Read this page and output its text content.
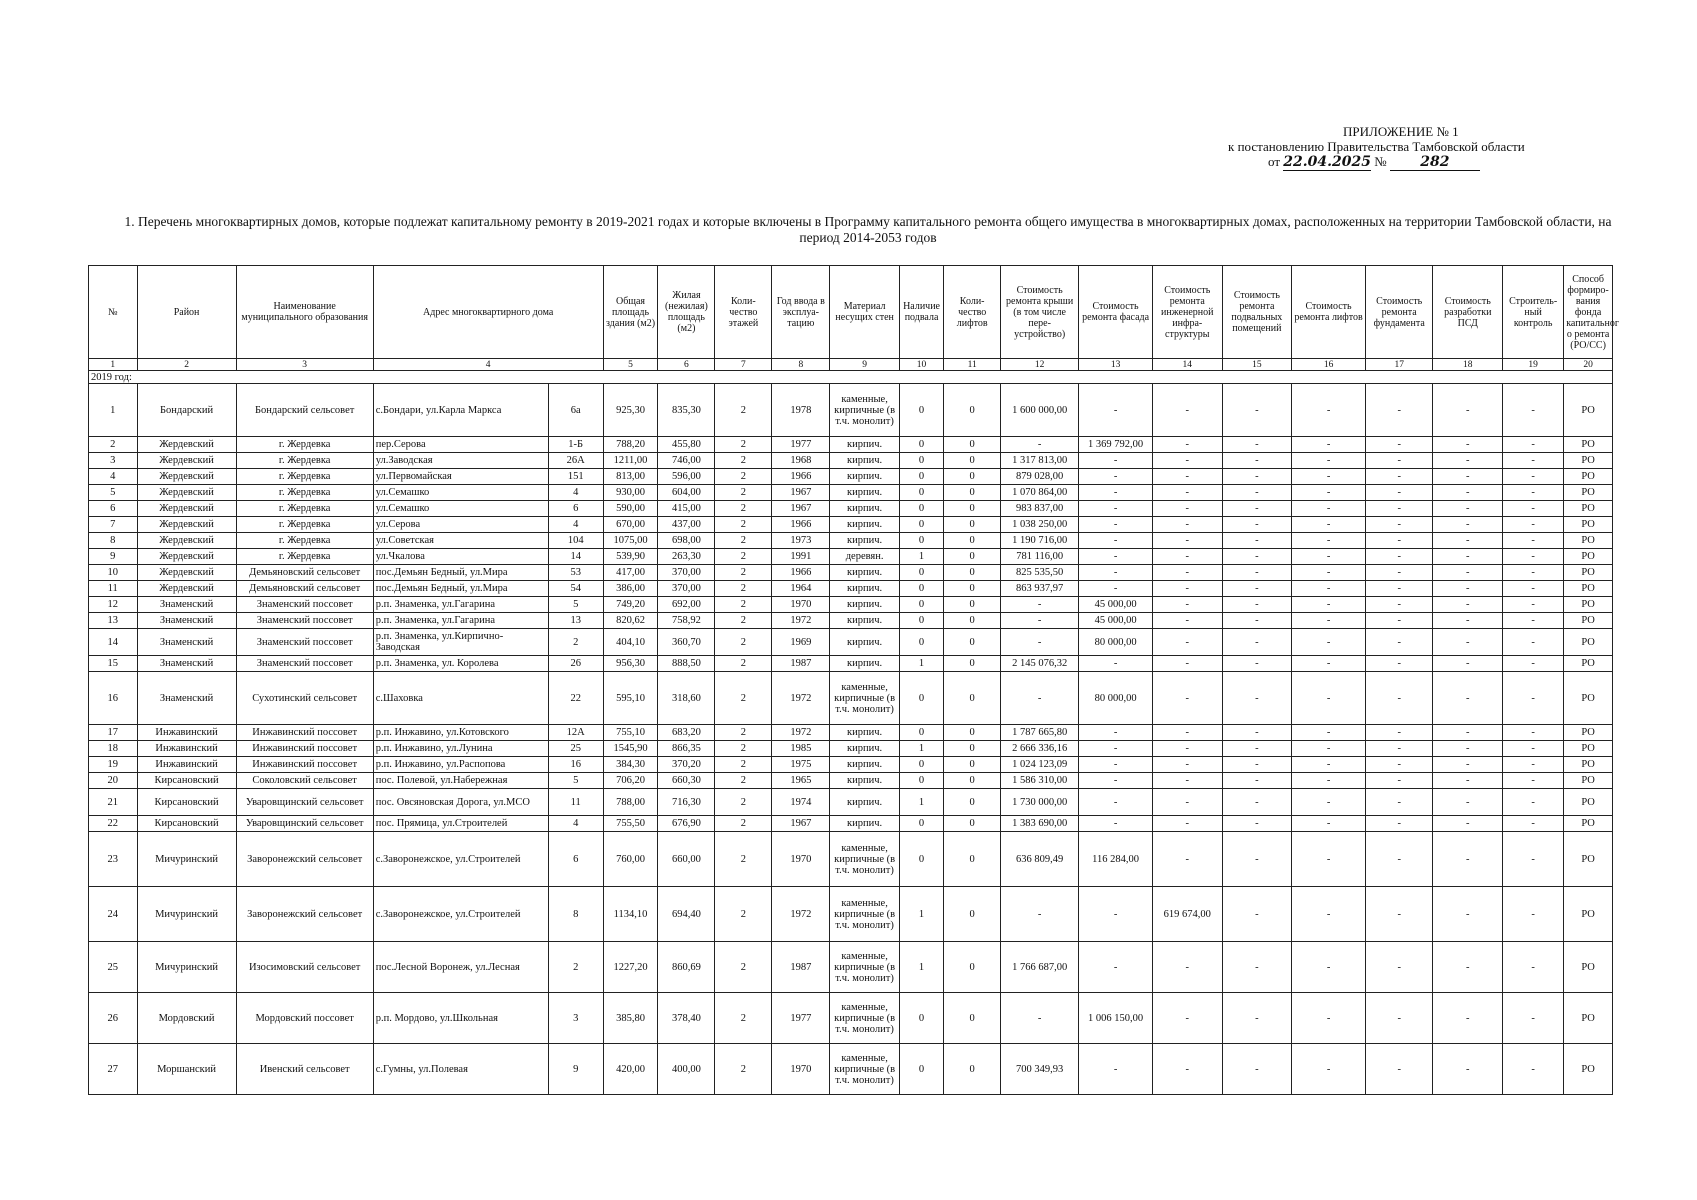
ПРИЛОЖЕНИЕ № 1
к постановлению Правительства Тамбовской области
от 22.04.2025 № 282
1. Перечень многоквартирных домов, которые подлежат капитальному ремонту в 2019-2021 годах и которые включены в Программу капитального ремонта общего имущества в многоквартирных домах, расположенных на территории Тамбовской области, на период 2014-2053 годов
№	Район	Наименование муниципального образования	Адрес многоквартирного дома		Общая площадь здания (м2)	Жилая (нежилая) площадь (м2)	Коли-чество этажей	Год ввода в эксплуа-тацию	Материал несущих стен	Наличие подвала	Коли-чество лифтов	Стоимость ремонта крыши (в том числе пере-устройство)	Стоимость ремонта фасада	Стоимость ремонта инженерной инфра-структуры	Стоимость ремонта подвальных помещений	Стоимость ремонта лифтов	Стоимость ремонта фундамента	Стоимость разработки ПСД	Строитель-ный контроль	Способ формиро-вания фонда капитальног о ремонта (РО/СС)
1	2	3	4		5	6	7	8	9	10	11	12	13	14	15	16	17	18	19	20
2019 год:																				
1	Бондарский	Бондарский сельсовет	с.Бондари, ул.Карла Маркса	6а	925,30	835,30	2	1978	каменные, кирпичные (в т.ч. монолит)	0	0	1 600 000,00	-	-	-	-	-	-	-	РО
2	Жердевский	г. Жердевка	пер.Серова	1-Б	788,20	455,80	2	1977	кирпич.	0	0	-	1 369 792,00	-	-	-	-	-	-	РО
3	Жердевский	г. Жердевка	ул.Заводская	26А	1211,00	746,00	2	1968	кирпич.	0	0	1 317 813,00	-	-	-	-	-	-	-	РО
4	Жердевский	г. Жердевка	ул.Первомайская	151	813,00	596,00	2	1966	кирпич.	0	0	879 028,00	-	-	-	-	-	-	-	РО
5	Жердевский	г. Жердевка	ул.Семашко	4	930,00	604,00	2	1967	кирпич.	0	0	1 070 864,00	-	-	-	-	-	-	-	РО
6	Жердевский	г. Жердевка	ул.Семашко	6	590,00	415,00	2	1967	кирпич.	0	0	983 837,00	-	-	-	-	-	-	-	РО
7	Жердевский	г. Жердевка	ул.Серова	4	670,00	437,00	2	1966	кирпич.	0	0	1 038 250,00	-	-	-	-	-	-	-	РО
8	Жердевский	г. Жердевка	ул.Советская	104	1075,00	698,00	2	1973	кирпич.	0	0	1 190 716,00	-	-	-	-	-	-	-	РО
9	Жердевский	г. Жердевка	ул.Чкалова	14	539,90	263,30	2	1991	деревян.	1	0	781 116,00	-	-	-	-	-	-	-	РО
10	Жердевский	Демьяновский сельсовет	пос.Демьян Бедный, ул.Мира	53	417,00	370,00	2	1966	кирпич.	0	0	825 535,50	-	-	-	-	-	-	-	РО
11	Жердевский	Демьяновский сельсовет	пос.Демьян Бедный, ул.Мира	54	386,00	370,00	2	1964	кирпич.	0	0	863 937,97	-	-	-	-	-	-	-	РО
12	Знаменский	Знаменский поссовет	р.п. Знаменка, ул.Гагарина	5	749,20	692,00	2	1970	кирпич.	0	0	-	45 000,00	-	-	-	-	-	-	РО
13	Знаменский	Знаменский поссовет	р.п. Знаменка, ул.Гагарина	13	820,62	758,92	2	1972	кирпич.	0	0	-	45 000,00	-	-	-	-	-	-	РО
14	Знаменский	Знаменский поссовет	р.п. Знаменка, ул.Кирпично-Заводская	2	404,10	360,70	2	1969	кирпич.	0	0	-	80 000,00	-	-	-	-	-	-	РО
15	Знаменский	Знаменский поссовет	р.п. Знаменка, ул. Королева	26	956,30	888,50	2	1987	кирпич.	1	0	2 145 076,32	-	-	-	-	-	-	-	РО
16	Знаменский	Сухотинский сельсовет	с.Шаховка	22	595,10	318,60	2	1972	каменные, кирпичные (в т.ч. монолит)	0	0	-	80 000,00	-	-	-	-	-	-	РО
17	Инжавинский	Инжавинский поссовет	р.п. Инжавино, ул.Котовского	12А	755,10	683,20	2	1972	кирпич.	0	0	1 787 665,80	-	-	-	-	-	-	-	РО
18	Инжавинский	Инжавинский поссовет	р.п. Инжавино, ул.Лунина	25	1545,90	866,35	2	1985	кирпич.	1	0	2 666 336,16	-	-	-	-	-	-	-	РО
19	Инжавинский	Инжавинский поссовет	р.п. Инжавино, ул.Распопова	16	384,30	370,20	2	1975	кирпич.	0	0	1 024 123,09	-	-	-	-	-	-	-	РО
20	Кирсановский	Соколовский сельсовет	пос. Полевой, ул.Набережная	5	706,20	660,30	2	1965	кирпич.	0	0	1 586 310,00	-	-	-	-	-	-	-	РО
21	Кирсановский	Уваровщинский сельсовет	пос. Овсяновская Дорога, ул.МСО	11	788,00	716,30	2	1974	кирпич.	1	0	1 730 000,00	-	-	-	-	-	-	-	РО
22	Кирсановский	Уваровщинский сельсовет	пос. Прямица, ул.Строителей	4	755,50	676,90	2	1967	кирпич.	0	0	1 383 690,00	-	-	-	-	-	-	-	РО
23	Мичуринский	Заворонежский сельсовет	с.Заворонежское, ул.Строителей	6	760,00	660,00	2	1970	каменные, кирпичные (в т.ч. монолит)	0	0	636 809,49	116 284,00	-	-	-	-	-	-	РО
24	Мичуринский	Заворонежский сельсовет	с.Заворонежское, ул.Строителей	8	1134,10	694,40	2	1972	каменные, кирпичные (в т.ч. монолит)	1	0	-	-	619 674,00	-	-	-	-	-	РО
25	Мичуринский	Изосимовский сельсовет	пос.Лесной Воронеж, ул.Лесная	2	1227,20	860,69	2	1987	каменные, кирпичные (в т.ч. монолит)	1	0	1 766 687,00	-	-	-	-	-	-	-	РО
26	Мордовский	Мордовский поссовет	р.п. Мордово, ул.Школьная	3	385,80	378,40	2	1977	каменные, кирпичные (в т.ч. монолит)	0	0	-	1 006 150,00	-	-	-	-	-	-	РО
27	Моршанский	Ивенский сельсовет	с.Гумны, ул.Полевая	9	420,00	400,00	2	1970	каменные, кирпичные (в т.ч. монолит)	0	0	700 349,93	-	-	-	-	-	-	-	РО
